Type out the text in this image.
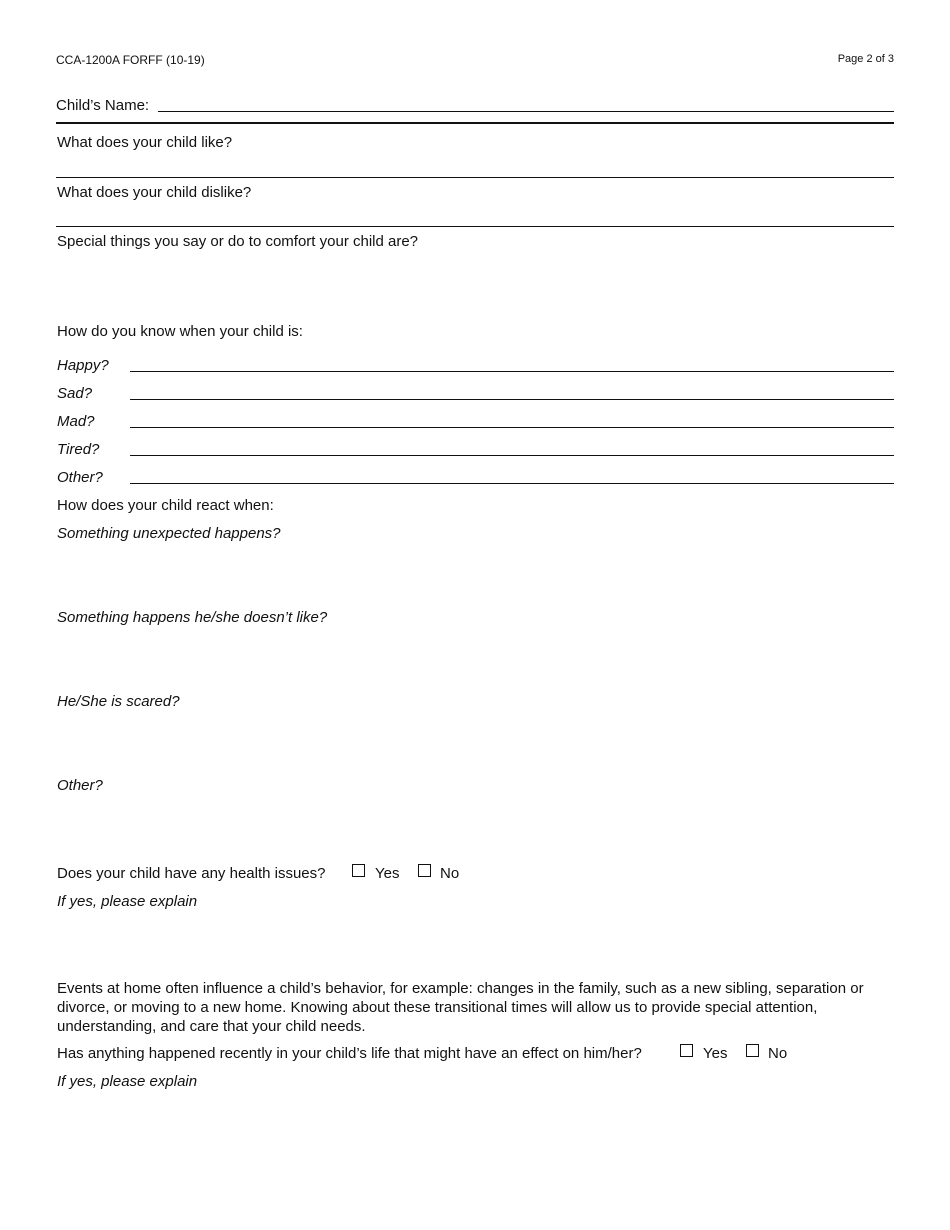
CCA-1200A FORFF (10-19)	Page 2 of 3
Child’s Name:
What does your child like?
What does your child dislike?
Special things you say or do to comfort your child are?
How do you know when your child is:
Happy?
Sad?
Mad?
Tired?
Other?
How does your child react when:
Something unexpected happens?
Something happens he/she doesn’t like?
He/She is scared?
Other?
Does your child have any health issues?	Yes	No
If yes, please explain
Events at home often influence a child’s behavior, for example: changes in the family, such as a new sibling, separation or divorce, or moving to a new home. Knowing about these transitional times will allow us to provide special attention, understanding, and care that your child needs.
Has anything happened recently in your child’s life that might have an effect on him/her?	Yes	No
If yes, please explain
